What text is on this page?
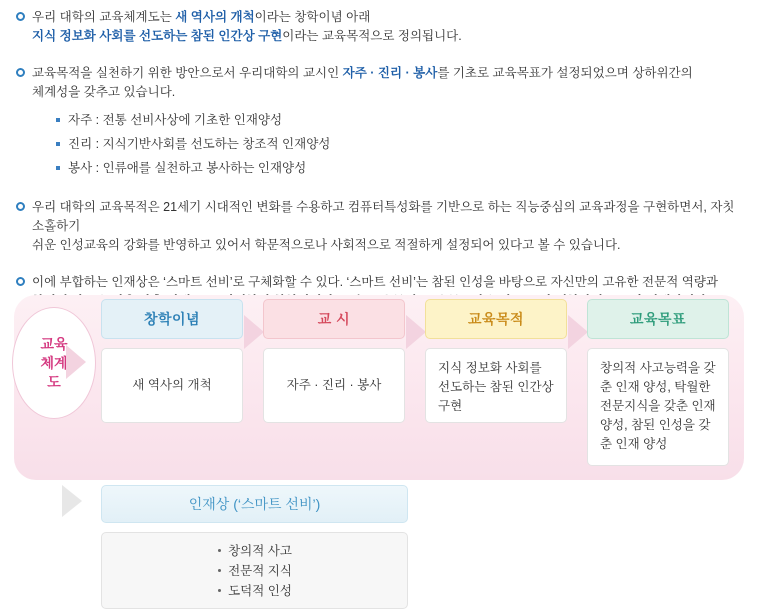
우리 대학의 교육체계도는 새 역사의 개척이라는 창학이념 아래
지식 정보화 사회를 선도하는 참된 인간상 구현이라는 교육목적으로 정의됩니다.
교육목적을 실천하기 위한 방안으로서 우리대학의 교시인 자주 · 진리 · 봉사를 기초로 교육목표가 설정되었으며 상하위간의
체계성을 갖추고 있습니다.
자주 : 전통 선비사상에 기초한 인재양성
진리 : 지식기반사회를 선도하는 창조적 인재양성
봉사 : 인류애를 실천하고 봉사하는 인재양성
우리 대학의 교육목적은 21세기 시대적인 변화를 수용하고 컴퓨터특성화를 기반으로 하는 직능중심의 교육과정을 구현하면서, 자칫 소홀하기
쉬운 인성교육의 강화를 반영하고 있어서 학문적으로나 사회적으로 적절하게 설정되어 있다고 볼 수 있습니다.
이에 부합하는 인재상은 ‘스마트 선비’로 구체화할 수 있다. ‘스마트 선비’는 참된 인성을 바탕으로 자신만의 고유한 전문적 역량과
교육
체계
도
창학이념
새 역사의 개척
교 시
자주 · 진리 · 봉사
교육목적
지식 정보화 사회를 선도하는 참된 인간상 구현
교육목표
창의적 사고능력을 갖춘 인재 양성, 탁월한 전문지식을 갖춘 인재 양성, 참된 인성을 갖춘 인재 양성
인재상 (‘스마트 선비’)
창의적 사고
전문적 지식
도덕적 인성
